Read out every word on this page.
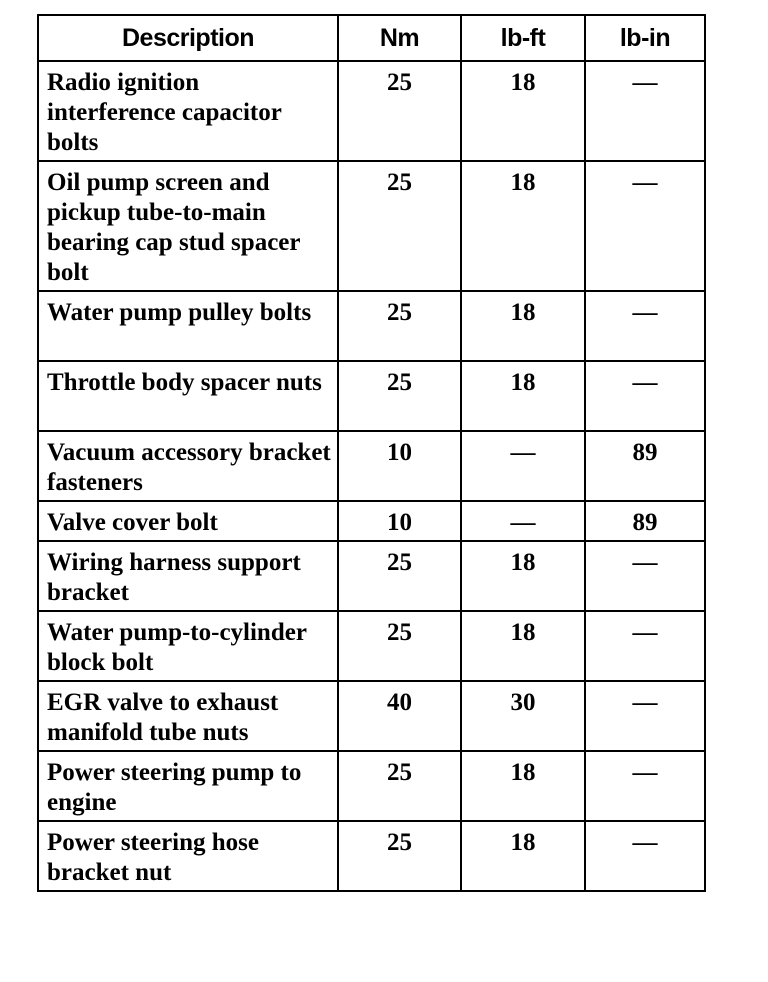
Description	Nm	lb-ft	lb-in
Radio ignition interference capacitor bolts	25	18	—
Oil pump screen and pickup tube-to-main bearing cap stud spacer bolt	25	18	—
Water pump pulley bolts	25	18	—
Throttle body spacer nuts	25	18	—
Vacuum accessory bracket fasteners	10	—	89
Valve cover bolt	10	—	89
Wiring harness support bracket	25	18	—
Water pump-to-cylinder block bolt	25	18	—
EGR valve to exhaust manifold tube nuts	40	30	—
Power steering pump to engine	25	18	—
Power steering hose bracket nut	25	18	—
